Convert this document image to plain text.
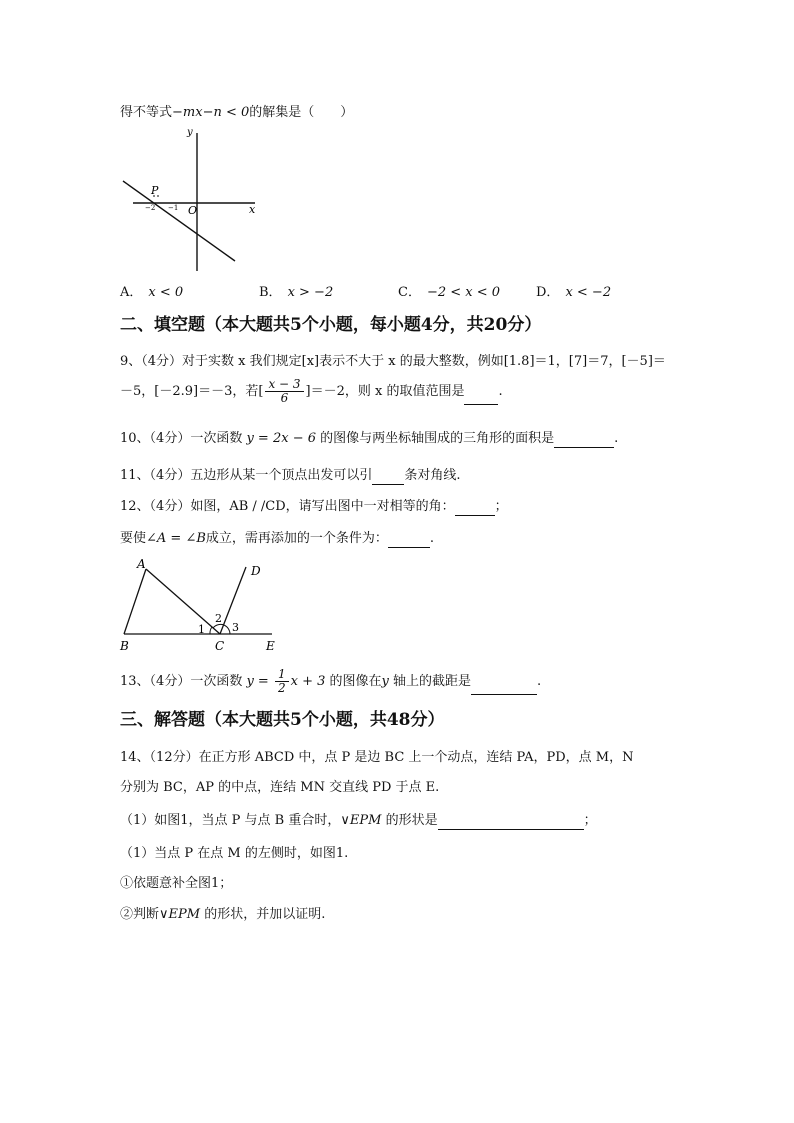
得不等式−mx−n < 0的解集是（　　）
y
x
O
P
−2 −1
A． x < 0	B． x > −2	C． −2 < x < 0	D． x < −2
二、填空题（本大题共5个小题，每小题4分，共20分）
9、（4分）对于实数 x 我们规定[x]表示不大于 x 的最大整数，例如[1.8]＝1，[7]＝7，[－5]＝
－5，[－2.9]＝－3，若[ $\frac{x - 3}{6} ]=-2$，则 x 的取值范围是	.
10、（4分）一次函数 y = 2x − 6 的图像与两坐标轴围成的三角形的面积是	.
11、（4分）五边形从某一个顶点出发可以引 条对角线.
12、（4分）如图，AB / /CD，请写出图中一对相等的角：	；
要使∠A = ∠B成立，需再添加的一个条件为：	.
A
B	C
D
E
1
2
3
13、（4分）一次函数 $y = \frac{1}{2}$ x + 3 的图像在y 轴上的截距是	.
三、解答题（本大题共5个小题，共48分）
14、（12分）在正方形 ABCD 中，点 P 是边 BC 上一个动点，连结 PA，PD，点 M，N
分别为 BC，AP 的中点，连结 MN 交直线 PD 于点 E.
（1）如图1，当点 P 与点 B 重合时，∨EPM 的形状是	；
（1）当点 P 在点 M 的左侧时，如图1.
①依题意补全图1；
②判断∨EPM 的形状，并加以证明.
